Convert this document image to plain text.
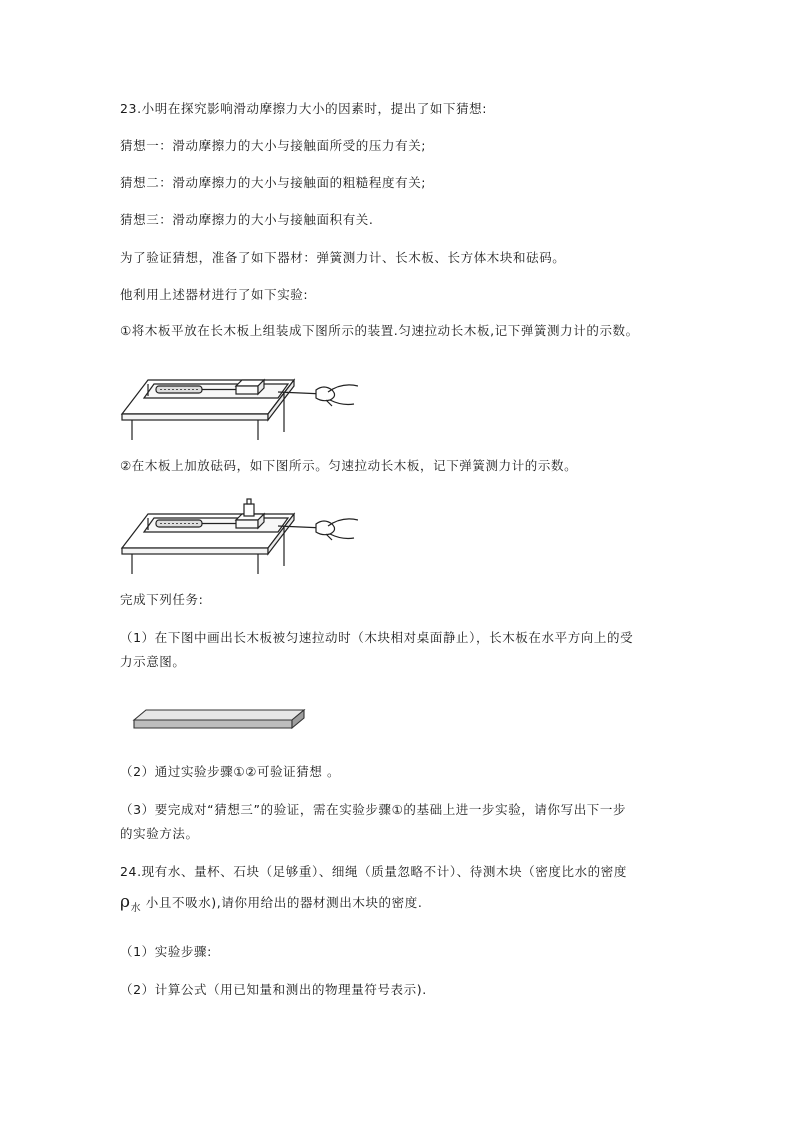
23.小明在探究影响滑动摩擦力大小的因素时，提出了如下猜想:
猜想一：滑动摩擦力的大小与接触面所受的压力有关;
猜想二：滑动摩擦力的大小与接触面的粗糙程度有关;
猜想三：滑动摩擦力的大小与接触面积有关.
为了验证猜想，准备了如下器材：弹簧测力计、长木板、长方体木块和砝码。
他利用上述器材进行了如下实验:
①将木板平放在长木板上组装成下图所示的装置.匀速拉动长木板,记下弹簧测力计的示数。
②在木板上加放砝码，如下图所示。匀速拉动长木板，记下弹簧测力计的示数。
完成下列任务:
（1）在下图中画出长木板被匀速拉动时（木块相对桌面静止），长木板在水平方向上的受
力示意图。
（2）通过实验步骤①②可验证猜想 。
（3）要完成对“猜想三”的验证，需在实验步骤①的基础上进一步实验，请你写出下一步
的实验方法。
24.现有水、量杯、石块（足够重）、细绳（质量忽略不计）、待测木块（密度比水的密度
$\rho_水$ 小且不吸水),请你用给出的器材测出木块的密度.
（1）实验步骤:
（2）计算公式（用已知量和测出的物理量符号表示).
